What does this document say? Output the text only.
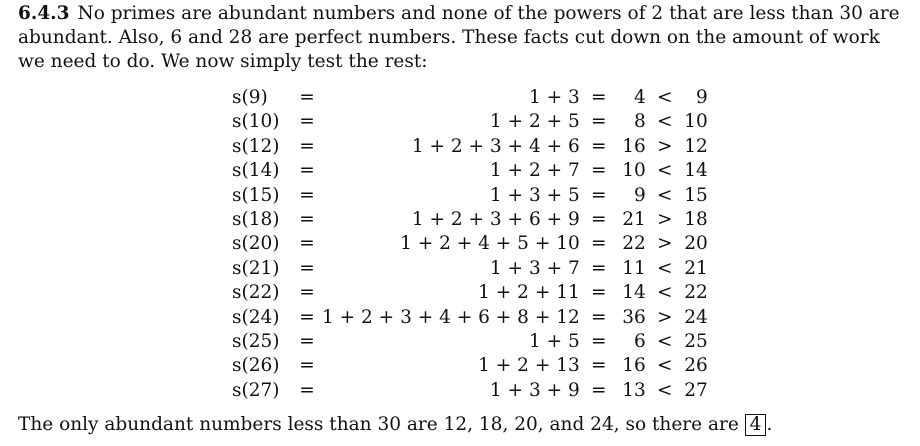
6.4.3 No primes are abundant numbers and none of the powers of 2 that are less than 30 are abundant. Also, 6 and 28 are perfect numbers. These facts cut down on the amount of work we need to do. We now simply test the rest:

s(9)	=	1 + 3	=	4	<	9
s(10)	=	1 + 2 + 5	=	8	<	10
s(12)	=	1 + 2 + 3 + 4 + 6	=	16	>	12
s(14)	=	1 + 2 + 7	=	10	<	14
s(15)	=	1 + 3 + 5	=	9	<	15
s(18)	=	1 + 2 + 3 + 6 + 9	=	21	>	18
s(20)	=	1 + 2 + 4 + 5 + 10	=	22	>	20
s(21)	=	1 + 3 + 7	=	11	<	21
s(22)	=	1 + 2 + 11	=	14	<	22
s(24)	=	1 + 2 + 3 + 4 + 6 + 8 + 12	=	36	>	24
s(25)	=	1 + 5	=	6	<	25
s(26)	=	1 + 2 + 13	=	16	<	26
s(27)	=	1 + 3 + 9	=	13	<	27
The only abundant numbers less than 30 are 12, 18, 20, and 24, so there are 4 .
